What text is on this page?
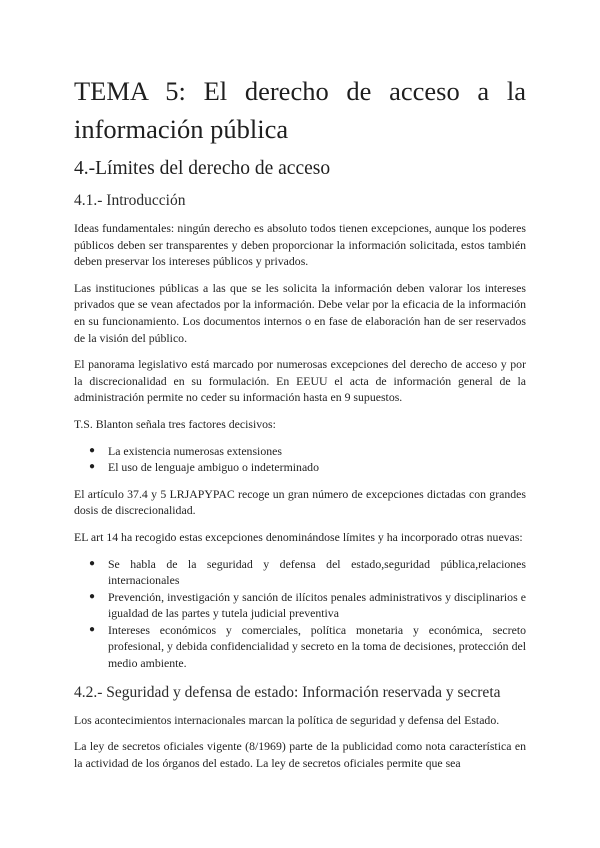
TEMA 5: El derecho de acceso a la información pública
4.-Límites del derecho de acceso
4.1.- Introducción

Ideas fundamentales: ningún derecho es absoluto todos tienen excepciones, aunque los poderes públicos deben ser transparentes y deben proporcionar la información solicitada, estos también deben preservar los intereses públicos y privados.

Las instituciones públicas a las que se les solicita la información deben valorar los intereses privados que se vean afectados por la información. Debe velar por la eficacia de la información en su funcionamiento. Los documentos internos o en fase de elaboración han de ser reservados de la visión del público.

El panorama legislativo está marcado por numerosas excepciones del derecho de acceso y por la discrecionalidad en su formulación. En EEUU el acta de información general de la administración permite no ceder su información hasta en 9 supuestos.

T.S. Blanton señala tres factores decisivos:

● La existencia numerosas extensiones
● El uso de lenguaje ambiguo o indeterminado

El artículo 37.4 y 5 LRJAPYPAC recoge un gran número de excepciones dictadas con grandes dosis de discrecionalidad.

EL art 14 ha recogido estas excepciones denominándose límites y ha incorporado otras nuevas:

● Se habla de la seguridad y defensa del estado,seguridad pública,relaciones internacionales
● Prevención, investigación y sanción de ilícitos penales administrativos y disciplinarios e igualdad de las partes y tutela judicial preventiva
● Intereses económicos y comerciales, política monetaria y económica, secreto profesional, y debida confidencialidad y secreto en la toma de decisiones, protección del medio ambiente.
4.2.- Seguridad y defensa de estado: Información reservada y secreta

Los acontecimientos internacionales marcan la política de seguridad y defensa del Estado.

La ley de secretos oficiales vigente (8/1969) parte de la publicidad como nota característica en la actividad de los órganos del estado. La ley de secretos oficiales permite que sea
